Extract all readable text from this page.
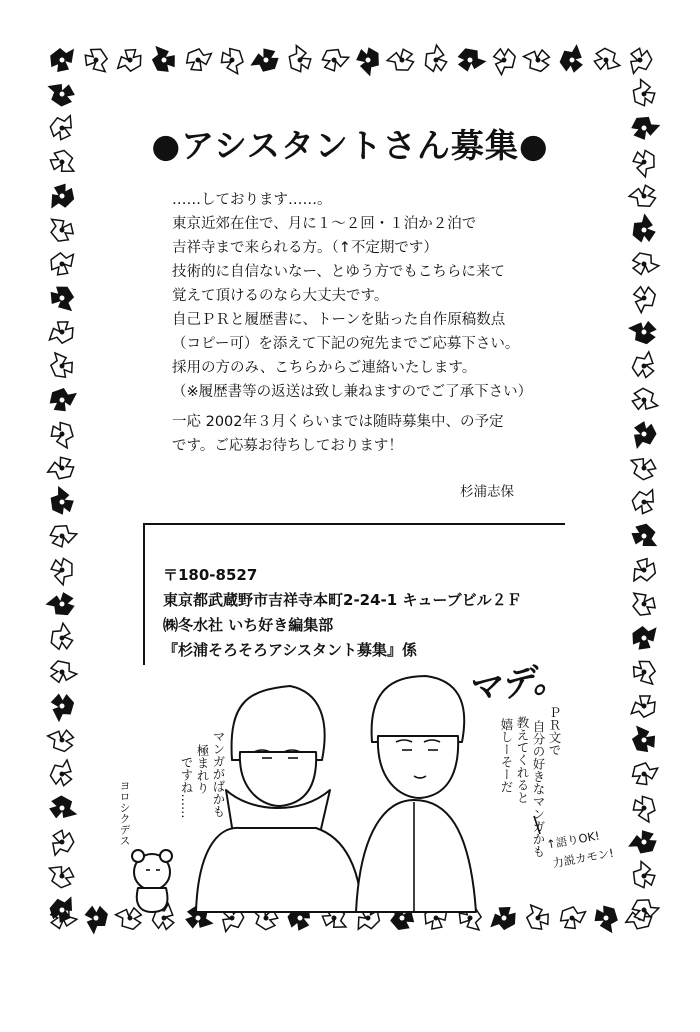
●アシスタントさん募集●
……しております……。
東京近郊在住で、月に１～２回・１泊か２泊で
吉祥寺まで来られる方。（↑不定期です）
技術的に自信ないなー、とゆう方でもこちらに来て
覚えて頂けるのなら大丈夫です。
自己ＰＲと履歴書に、トーンを貼った自作原稿数点
（コピー可）を添えて下記の宛先までご応募下さい。
採用の方のみ、こちらからご連絡いたします。
（※履歴書等の返送は致し兼ねますのでご了承下さい）
一応 2002年３月くらいまでは随時募集中、の予定
です。ご応募お待ちしております！
杉浦志保
〒180-8527
東京都武蔵野市吉祥寺本町2-24-1 キューブビル２Ｆ
㈱冬水社 いち好き編集部
『杉浦そろそろアシスタント募集』係
マデ。
マンガがばかも
極まれり
ですね……
ヨロシクデス
ＰＲ文で
自分の好きなマンガかも
教えてくれると
嬉しーそーだ
↑語りOK!
力説カモン!
